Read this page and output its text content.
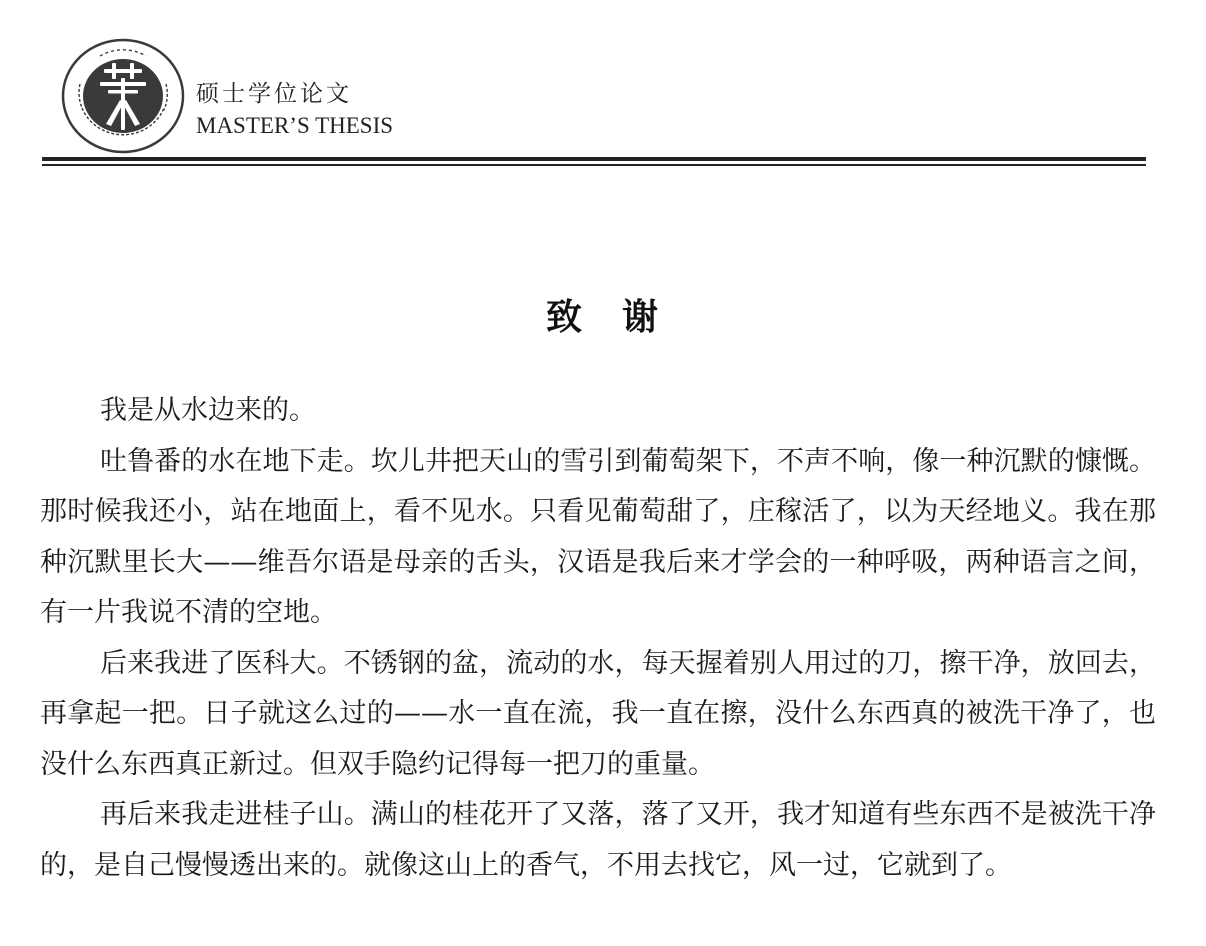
硕士学位论文
MASTER’S THESIS
致　谢

我是从水边来的。

吐鲁番的水在地下走。坎儿井把天山的雪引到葡萄架下，不声不响，像一种沉默的慷慨。那时候我还小，站在地面上，看不见水。只看见葡萄甜了，庄稼活了，以为天经地义。我在那种沉默里长大——维吾尔语是母亲的舌头，汉语是我后来才学会的一种呼吸，两种语言之间，有一片我说不清的空地。

后来我进了医科大。不锈钢的盆，流动的水，每天握着别人用过的刀，擦干净，放回去，再拿起一把。日子就这么过的——水一直在流，我一直在擦，没什么东西真的被洗干净了，也没什么东西真正新过。但双手隐约记得每一把刀的重量。

再后来我走进桂子山。满山的桂花开了又落，落了又开，我才知道有些东西不是被洗干净的，是自己慢慢透出来的。就像这山上的香气，不用去找它，风一过，它就到了。
